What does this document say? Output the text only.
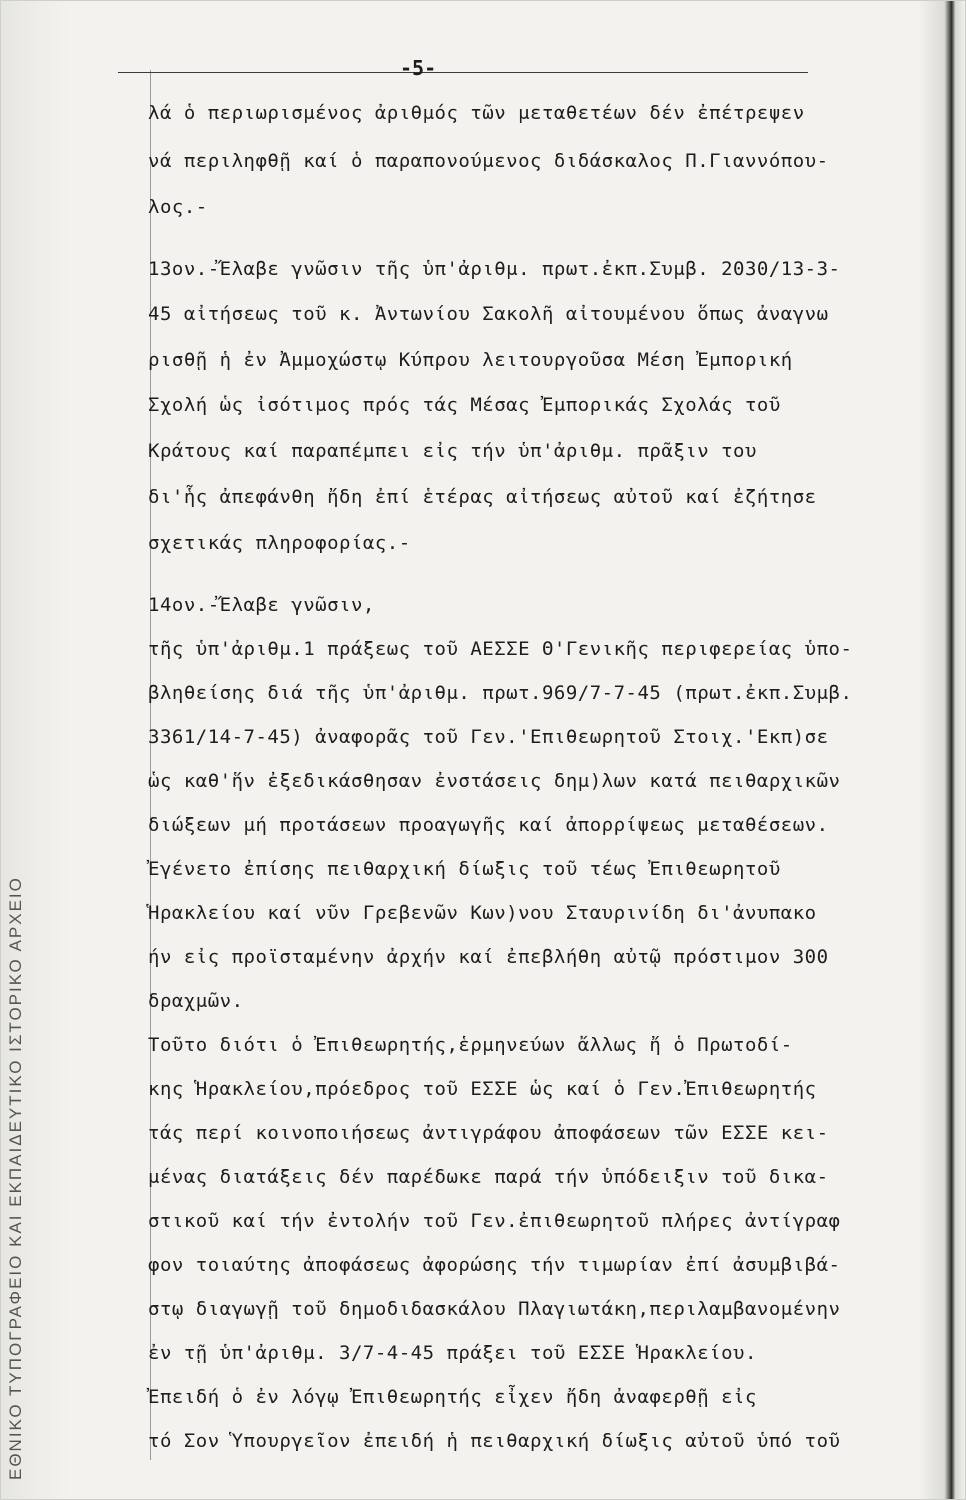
ΕΘΝΙΚΟ ΤΥΠΟΓΡΑΦΕΙΟ ΚΑΙ ΕΚΠΑΙΔΕΥΤΙΚΟ ΙΣΤΟΡΙΚΟ ΑΡΧΕΙΟ
-5-
λά ὁ περιωρισμένος ἀριθμός τῶν μεταθετέων δέν ἐπέτρεψεν
νά περιληφθῇ καί ὁ παραπονούμενος διδάσκαλος Π.Γιαννόπου-
λος.-
13ον.-Ἔλαβε γνῶσιν τῆς ὑπ'ἀριθμ. πρωτ.ἐκπ.Συμβ. 2030/13-3-
45 αἰτήσεως τοῦ κ. Ἀντωνίου Σακολῆ αἰτουμένου ὅπως ἀναγνω
ρισθῇ ἡ ἐν Ἀμμοχώστῳ Κύπρου λειτουργοῦσα Μέση Ἐμπορική
Σχολή ὡς ἰσότιμος πρός τάς Μέσας Ἐμπορικάς Σχολάς τοῦ
Κράτους καί παραπέμπει εἰς τήν ὑπ'ἀριθμ. πρᾶξιν του
δι'ἧς ἀπεφάνθη ἤδη ἐπί ἑτέρας αἰτήσεως αὐτοῦ καί ἐζήτησε
σχετικάς πληροφορίας.-
14ον.-Ἔλαβε γνῶσιν,
τῆς ὑπ'ἀριθμ.1 πράξεως τοῦ ΑΕΣΣΕ Θ'Γενικῆς περιφερείας ὑπο-
βληθείσης διά τῆς ὑπ'ἀριθμ. πρωτ.969/7-7-45 (πρωτ.ἐκπ.Συμβ.
3361/14-7-45) ἀναφορᾶς τοῦ Γεν.'Επιθεωρητοῦ Στοιχ.'Εκπ)σε
ὡς καθ'ἥν ἐξεδικάσθησαν ἐνστάσεις δημ)λων κατά πειθαρχικῶν
διώξεων μή προτάσεων προαγωγῆς καί ἀπορρίψεως μεταθέσεων.
Ἐγένετο ἐπίσης πειθαρχική δίωξις τοῦ τέως Ἐπιθεωρητοῦ
Ἡρακλείου καί νῦν Γρεβενῶν Κων)νου Σταυρινίδη δι'ἀνυπακο
ήν εἰς προϊσταμένην ἀρχήν καί ἐπεβλήθη αὐτῷ πρόστιμον 300
δραχμῶν.
Τοῦτο διότι ὁ Ἐπιθεωρητής,ἑρμηνεύων ἄλλως ἤ ὁ Πρωτοδί-
κης Ἡρακλείου,πρόεδρος τοῦ ΕΣΣΕ ὡς καί ὁ Γεν.Ἐπιθεωρητής
τάς περί κοινοποιήσεως ἀντιγράφου ἀποφάσεων τῶν ΕΣΣΕ κει-
μένας διατάξεις δέν παρέδωκε παρά τήν ὑπόδειξιν τοῦ δικα-
στικοῦ καί τήν ἐντολήν τοῦ Γεν.ἐπιθεωρητοῦ πλήρες ἀντίγραφ
φον τοιαύτης ἀποφάσεως ἀφορώσης τήν τιμωρίαν ἐπί ἀσυμβιβά-
στῳ διαγωγῇ τοῦ δημοδιδασκάλου Πλαγιωτάκη,περιλαμβανομένην
ἐν τῇ ὑπ'ἀριθμ. 3/7-4-45 πράξει τοῦ ΕΣΣΕ Ἡρακλείου.
Ἐπειδή ὁ ἐν λόγῳ Ἐπιθεωρητής εἶχεν ἤδη ἀναφερθῇ εἰς
τό Σον Ὑπουργεῖον ἐπειδή ἡ πειθαρχική δίωξις αὐτοῦ ὑπό τοῦ
